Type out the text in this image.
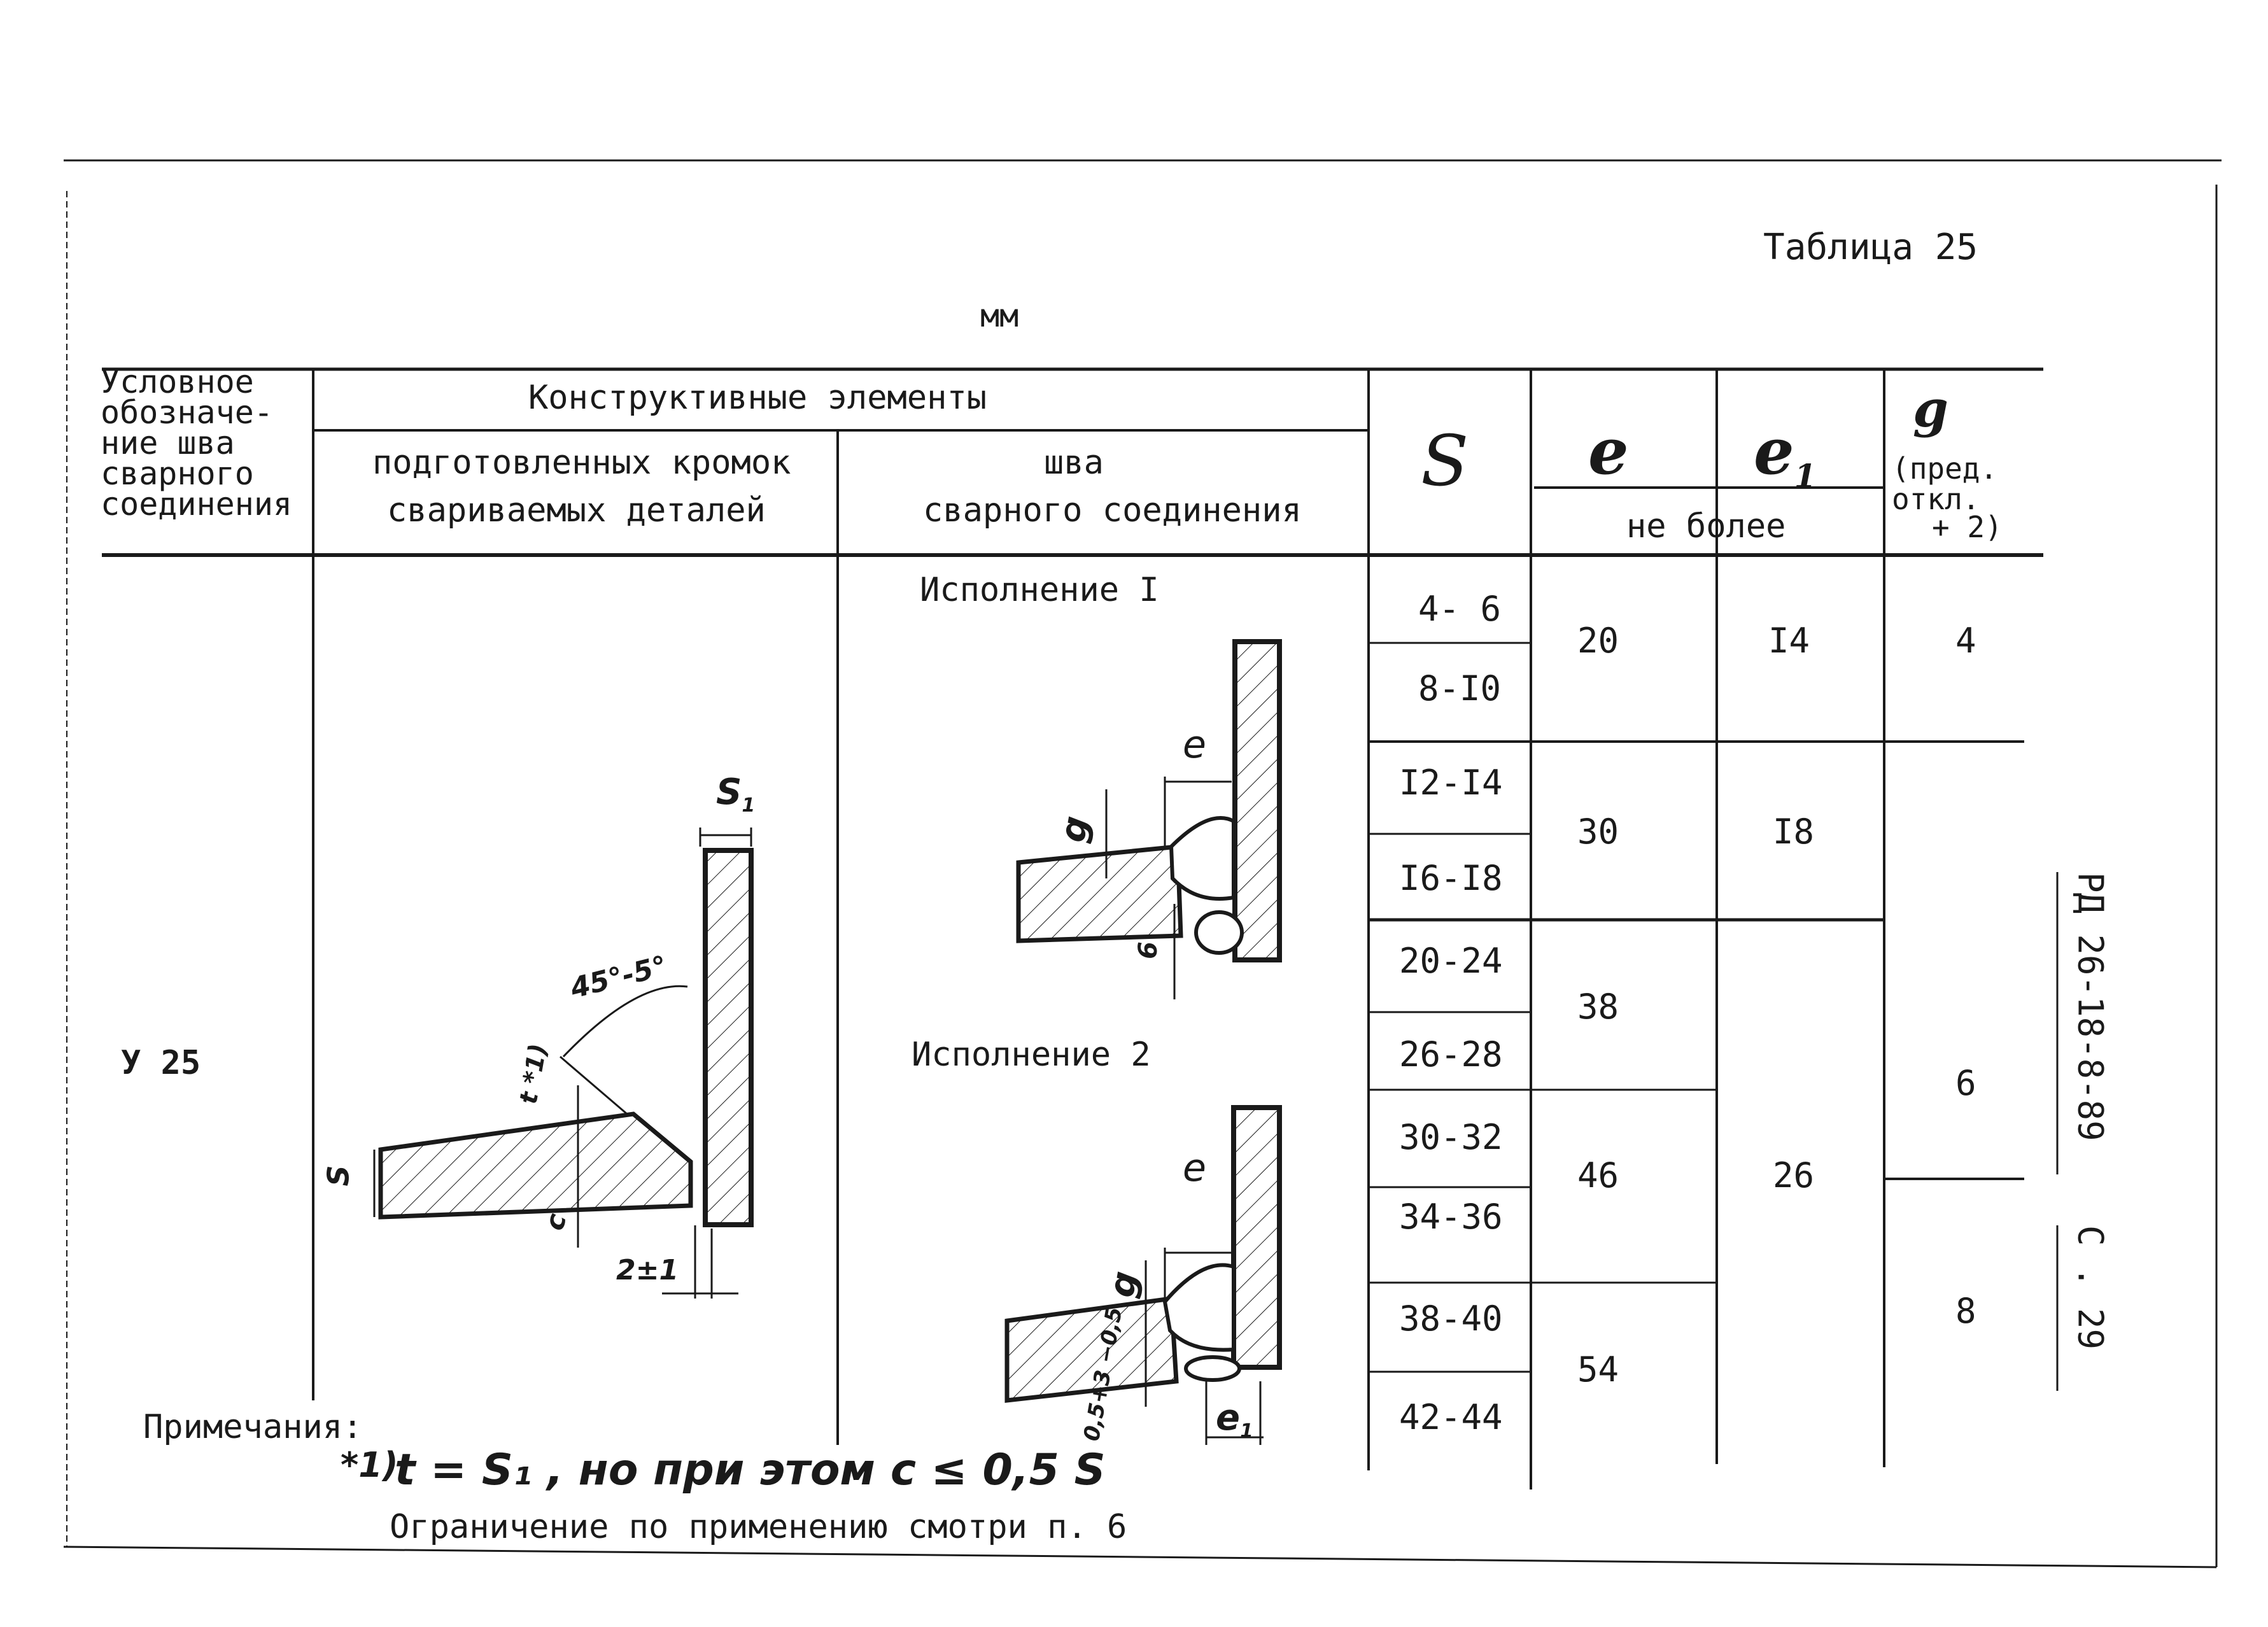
Таблица 25
мм
Условное
обозначе-
ние шва
сварного
соединения
Конструктивные элементы
подготовленных кромок
свариваемых деталей
шва
сварного соединения
S e $e_1$
g
(пред.
откл.
+ 2)
не более
У 25
Исполнение I
Исполнение 2
$S_1$
45°-5°
t *1)
S
c
2±1
e
g
6
e
g
0,5+3 −0,5 $e_1$
4- 6
8-I0
I2-I4
I6-I8
20-24
26-28
30-32
34-36
38-40
42-44
20
30
38
46
54
I4
I8
26
4
6
8
РД 26-18-8-89
С . 29
Примечания:
*1)
t = S₁ , но при этом c ≤ 0,5 S
Ограничение по применению смотри п. 6
